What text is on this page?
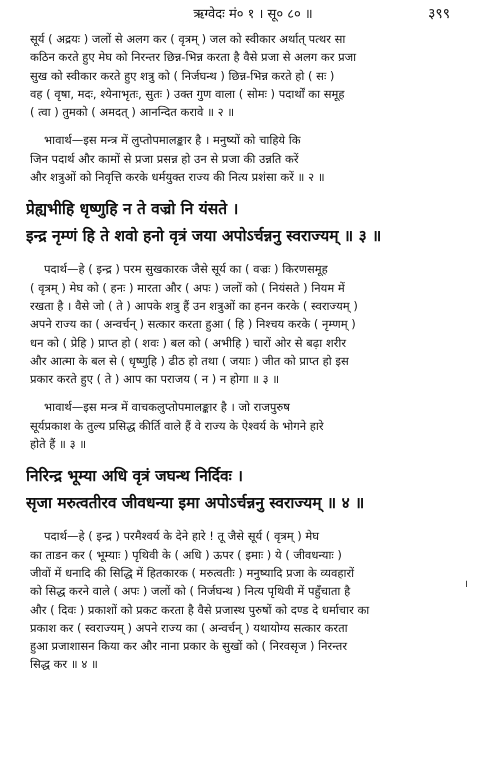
ऋग्वेदः मं० १ । सू० ८० ॥	३९९
सूर्य ( अद्रयः ) जलों से अलग कर ( वृत्रम् ) जल को स्वीकार अर्थात् पत्थर सा
कठिन करते हुए मेघ को निरन्तर छिन्न-भिन्न करता है वैसे प्रजा से अलग कर प्रजा
सुख को स्वीकार करते हुए शत्रु को ( निर्जघन्थ ) छिन्न-भिन्न करते हो ( सः )
वह ( वृषा, मदः, श्येनाभृतः, सुतः ) उक्त गुण वाला ( सोमः ) पदार्थों का समूह
( त्वा ) तुमको ( अमदत् ) आनन्दित करावे ॥ २ ॥
भावार्थ—इस मन्त्र में लुप्तोपमालङ्कार है । मनुष्यों को चाहिये कि
जिन पदार्थ और कामों से प्रजा प्रसन्न हो उन से प्रजा की उन्नति करें
और शत्रुओं को निवृत्ति करके धर्मयुक्त राज्य की नित्य प्रशंसा करें ॥ २ ॥
प्रेह्यभीहि धृष्णुहि न ते वज्रो नि यंसते ।
इन्द्र नृम्णं हि ते शवो हनो वृत्रं जया अपोऽर्चन्ननु स्वराज्यम् ॥ ३ ॥
पदार्थ—हे ( इन्द्र ) परम सुखकारक जैसे सूर्य का ( वज्रः ) किरणसमूह
( वृत्रम् ) मेघ को ( हनः ) मारता और ( अपः ) जलों को ( नियंसते ) नियम में
रखता है । वैसे जो ( ते ) आपके शत्रु हैं उन शत्रुओं का हनन करके ( स्वराज्यम् )
अपने राज्य का ( अन्वर्चन् ) सत्कार करता हुआ ( हि ) निश्चय करके ( नृम्णम् )
धन को ( प्रेहि ) प्राप्त हो ( शवः ) बल को ( अभीहि ) चारों ओर से बढ़ा शरीर
और आत्मा के बल से ( धृष्णुहि ) ढीठ हो तथा ( जयाः ) जीत को प्राप्त हो इस
प्रकार करते हुए ( ते ) आप का पराजय ( न ) न होगा ॥ ३ ॥
भावार्थ—इस मन्त्र में वाचकलुप्तोपमालङ्कार है । जो राजपुरुष
सूर्यप्रकाश के तुल्य प्रसिद्ध कीर्ति वाले हैं वे राज्य के ऐश्वर्य के भोगने हारे
होते हैं ॥ ३ ॥
निरिन्द्र भूम्या अधि वृत्रं जघन्थ निर्दिवः ।
सृजा मरुत्वतीरव जीवधन्या इमा अपोऽर्चन्ननु स्वराज्यम् ॥ ४ ॥
पदार्थ—हे ( इन्द्र ) परमैश्वर्य के देने हारे ! तू जैसे सूर्य ( वृत्रम् ) मेघ
का ताडन कर ( भूम्याः ) पृथिवी के ( अधि ) ऊपर ( इमाः ) ये ( जीवधन्याः )
जीवों में धनादि की सिद्धि में हितकारक ( मरुत्वतीः ) मनुष्यादि प्रजा के व्यवहारों
को सिद्ध करने वाले ( अपः ) जलों को ( निर्जघन्थ ) नित्य पृथिवी में पहुँचाता है
और ( दिवः ) प्रकाशों को प्रकट करता है वैसे प्रजास्थ पुरुषों को दण्ड दे धर्माचार का
प्रकाश कर ( स्वराज्यम् ) अपने राज्य का ( अन्वर्चन् ) यथायोग्य सत्कार करता
हुआ प्रजाशासन किया कर और नाना प्रकार के सुखों को ( निरवसृज ) निरन्तर
सिद्ध कर ॥ ४ ॥
।
